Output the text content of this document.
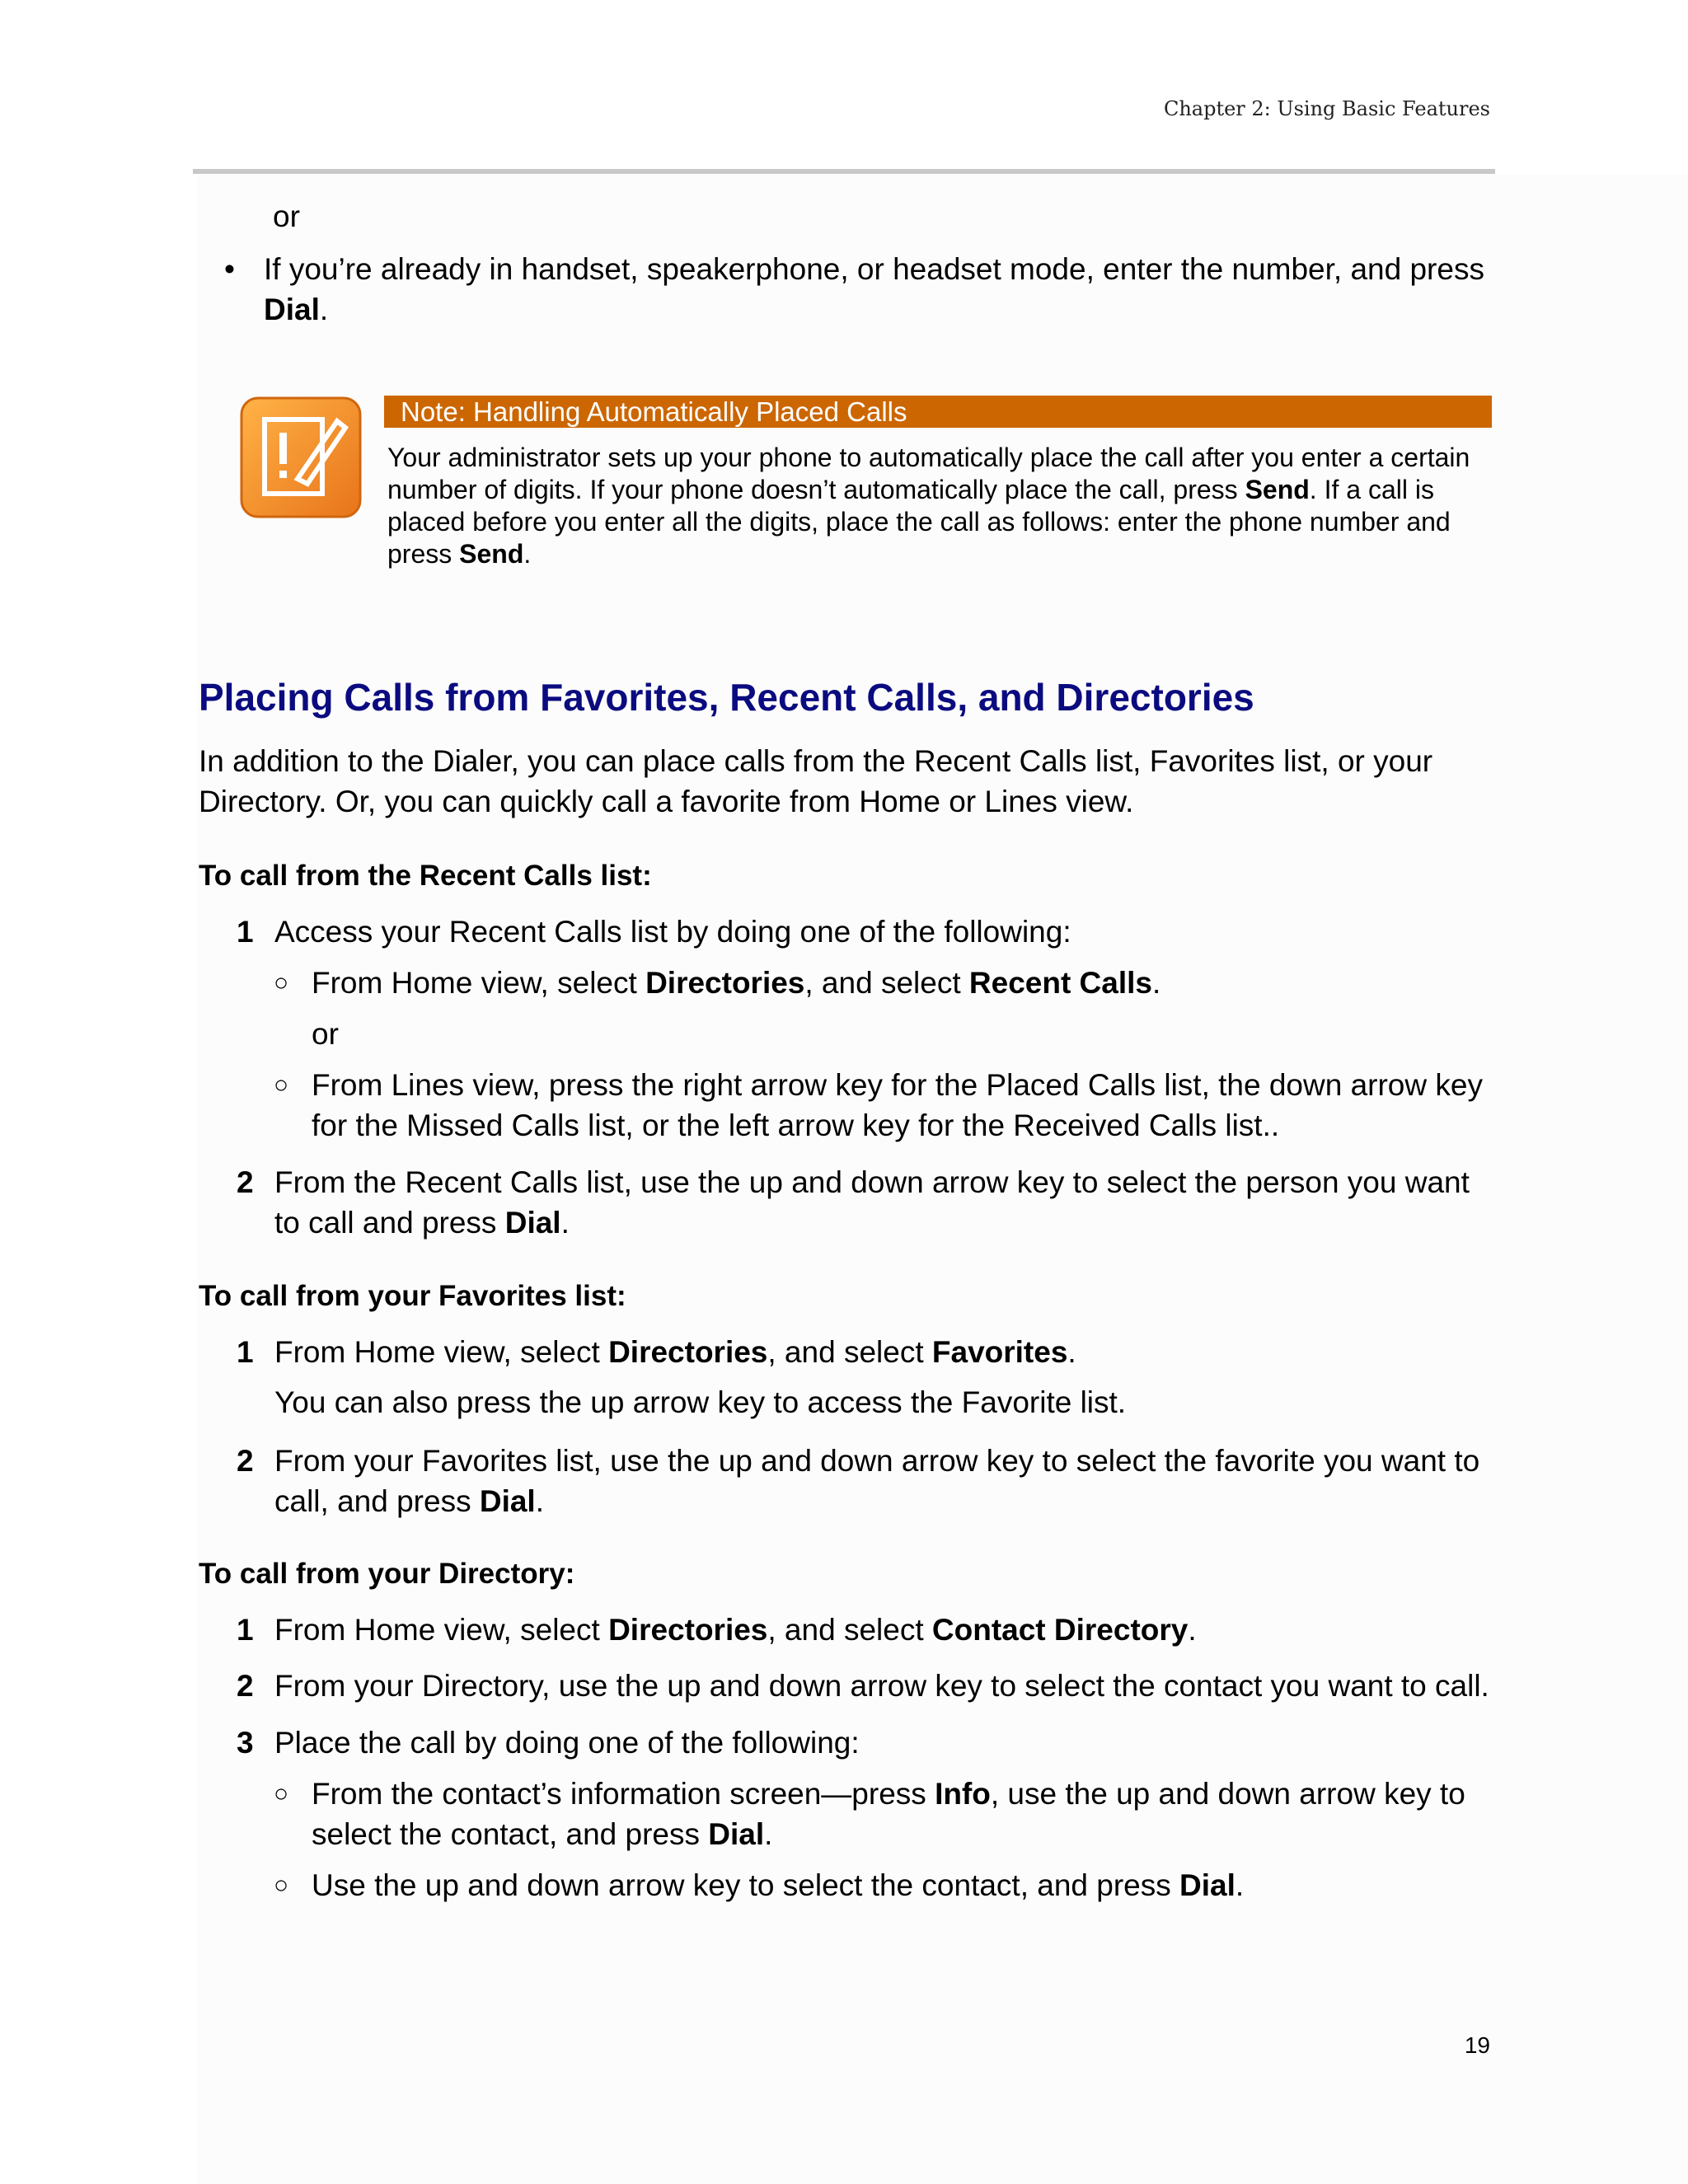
Chapter 2: Using Basic Features
or
• If you’re already in handset, speakerphone, or headset mode, enter the number, and press Dial.
Note: Handling Automatically Placed Calls
Your administrator sets up your phone to automatically place the call after you enter a certain number of digits. If your phone doesn’t automatically place the call, press Send. If a call is placed before you enter all the digits, place the call as follows: enter the phone number and press Send.
Placing Calls from Favorites, Recent Calls, and Directories
In addition to the Dialer, you can place calls from the Recent Calls list, Favorites list, or your Directory. Or, you can quickly call a favorite from Home or Lines view.
To call from the Recent Calls list:
1 Access your Recent Calls list by doing one of the following:
○ From Home view, select Directories, and select Recent Calls.
or
○ From Lines view, press the right arrow key for the Placed Calls list, the down arrow key for the Missed Calls list, or the left arrow key for the Received Calls list..
2 From the Recent Calls list, use the up and down arrow key to select the person you want to call and press Dial.
To call from your Favorites list:
1 From Home view, select Directories, and select Favorites.
You can also press the up arrow key to access the Favorite list.
2 From your Favorites list, use the up and down arrow key to select the favorite you want to call, and press Dial.
To call from your Directory:
1 From Home view, select Directories, and select Contact Directory.
2 From your Directory, use the up and down arrow key to select the contact you want to call.
3 Place the call by doing one of the following:
○ From the contact’s information screen—press Info, use the up and down arrow key to select the contact, and press Dial.
○ Use the up and down arrow key to select the contact, and press Dial.
19
